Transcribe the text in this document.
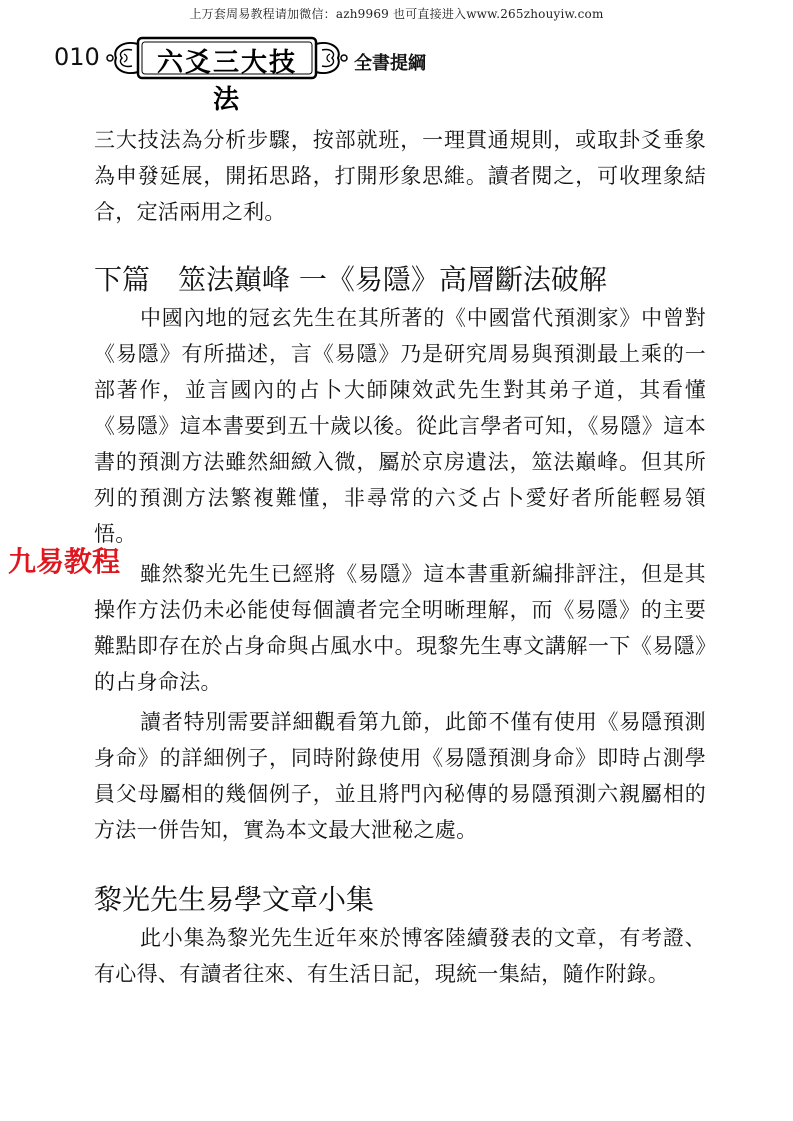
上万套周易教程请加微信：azh9969 也可直接进入www.265zhouyiw.com
010	六爻三大技法
全書提綱

三大技法為分析步驟，按部就班，一理貫通規則，或取卦爻垂象為申發延展，開拓思路，打開形象思維。讀者閱之，可收理象結合，定活兩用之利。

下篇　筮法巔峰 一《易隱》高層斷法破解

中國內地的冠玄先生在其所著的《中國當代預測家》中曾對《易隱》有所描述，言《易隱》乃是研究周易與預測最上乘的一部著作，並言國內的占卜大師陳效武先生對其弟子道，其看懂《易隱》這本書要到五十歲以後。從此言學者可知，《易隱》這本書的預測方法雖然細緻入微，屬於京房遺法，筮法巔峰。但其所列的預測方法繁複難懂，非尋常的六爻占卜愛好者所能輕易領悟。

雖然黎光先生已經將《易隱》這本書重新編排評注，但是其操作方法仍未必能使每個讀者完全明晰理解，而《易隱》的主要難點即存在於占身命與占風水中。現黎先生專文講解一下《易隱》的占身命法。

讀者特別需要詳細觀看第九節，此節不僅有使用《易隱預測身命》的詳細例子，同時附錄使用《易隱預測身命》即時占測學員父母屬相的幾個例子，並且將門內秘傳的易隱預測六親屬相的方法一併告知，實為本文最大泄秘之處。

黎光先生易學文章小集

此小集為黎光先生近年來於博客陸續發表的文章，有考證、有心得、有讀者往來、有生活日記，現統一集結，隨作附錄。

九易教程
